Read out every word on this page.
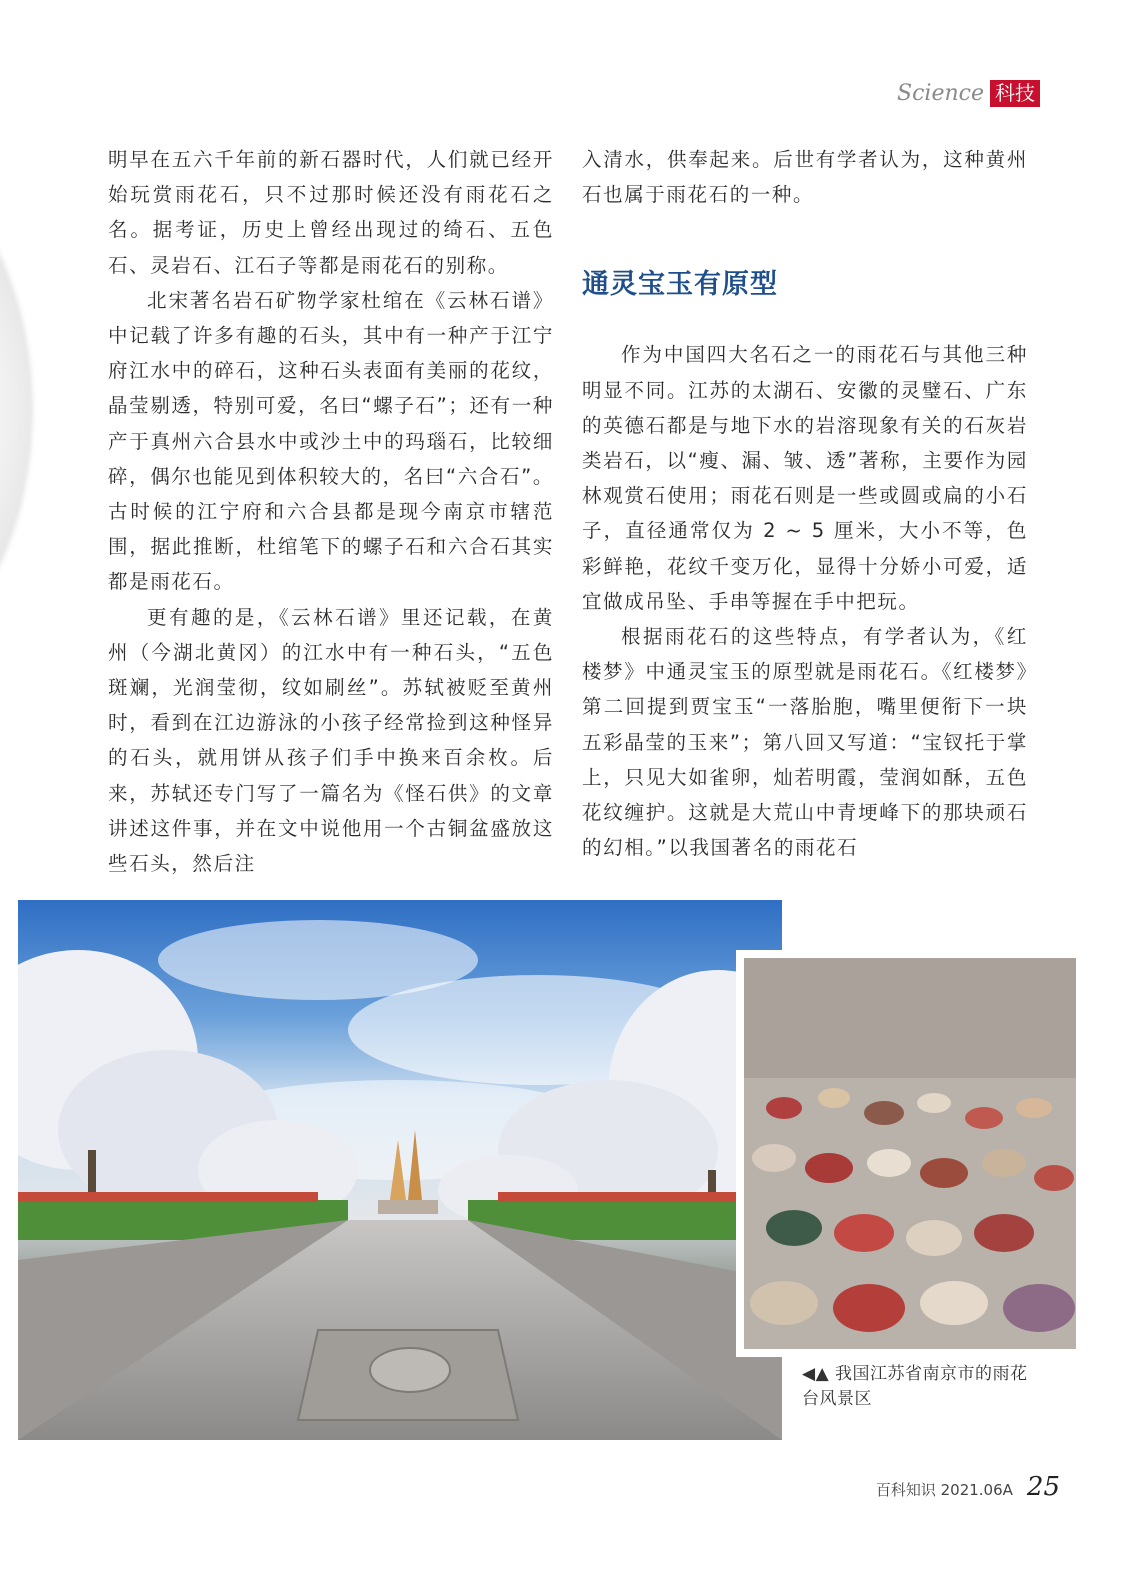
Science 科技

明早在五六千年前的新石器时代，人们就已经开始玩赏雨花石，只不过那时候还没有雨花石之名。据考证，历史上曾经出现过的绮石、五色石、灵岩石、江石子等都是雨花石的别称。

北宋著名岩石矿物学家杜绾在《云林石谱》中记载了许多有趣的石头，其中有一种产于江宁府江水中的碎石，这种石头表面有美丽的花纹，晶莹剔透，特别可爱，名曰“螺子石”；还有一种产于真州六合县水中或沙土中的玛瑙石，比较细碎，偶尔也能见到体积较大的，名曰“六合石”。古时候的江宁府和六合县都是现今南京市辖范围，据此推断，杜绾笔下的螺子石和六合石其实都是雨花石。

更有趣的是，《云林石谱》里还记载，在黄州（今湖北黄冈）的江水中有一种石头，“五色斑斓，光润莹彻，纹如刷丝”。苏轼被贬至黄州时，看到在江边游泳的小孩子经常捡到这种怪异的石头，就用饼从孩子们手中换来百余枚。后来，苏轼还专门写了一篇名为《怪石供》的文章讲述这件事，并在文中说他用一个古铜盆盛放这些石头，然后注

入清水，供奉起来。后世有学者认为，这种黄州石也属于雨花石的一种。

通灵宝玉有原型

作为中国四大名石之一的雨花石与其他三种明显不同。江苏的太湖石、安徽的灵璧石、广东的英德石都是与地下水的岩溶现象有关的石灰岩类岩石，以“瘦、漏、皱、透”著称，主要作为园林观赏石使用；雨花石则是一些或圆或扁的小石子，直径通常仅为 2 ~ 5 厘米，大小不等，色彩鲜艳，花纹千变万化，显得十分娇小可爱，适宜做成吊坠、手串等握在手中把玩。

根据雨花石的这些特点，有学者认为，《红楼梦》中通灵宝玉的原型就是雨花石。《红楼梦》第二回提到贾宝玉“一落胎胞，嘴里便衔下一块五彩晶莹的玉来”；第八回又写道：“宝钗托于掌上，只见大如雀卵，灿若明霞，莹润如酥，五色花纹缠护。这就是大荒山中青埂峰下的那块顽石的幻相。”以我国著名的雨花石

◀▲ 我国江苏省南京市的雨花台风景区
百科知识 2021.06A 25
